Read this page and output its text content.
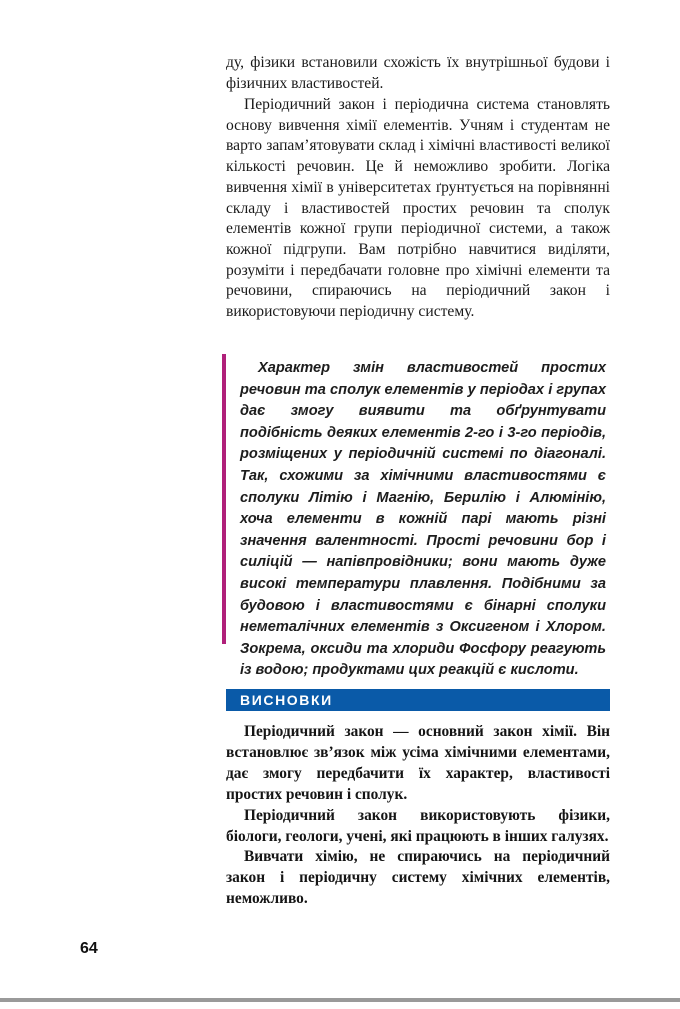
ду, фізики встановили схожість їх внутрішньої будови і фізичних властивостей.

Періодичний закон і періодична система становлять основу вивчення хімії елементів. Учням і студентам не варто запам’ятовувати склад і хімічні властивості великої кількості речовин. Це й неможливо зробити. Логіка вивчення хімії в університетах ґрунтується на порівнянні складу і властивостей простих речовин та сполук елементів кожної групи періодичної системи, а також кожної підгрупи. Вам потрібно навчитися виділяти, розуміти і передбачати головне про хімічні елементи та речовини, спираючись на періодичний закон і використовуючи періодичну систему.

Характер змін властивостей простих речовин та сполук елементів у періодах і групах дає змогу виявити та обґрунтувати подібність деяких елементів 2-го і 3-го періодів, розміщених у періодичній системі по діагоналі. Так, схожими за хімічними властивостями є сполуки Літію і Магнію, Берилію і Алюмінію, хоча елементи в кожній парі мають різні значення валентності. Прості речовини бор і силіцій — напівпровідники; вони мають дуже високі температури плавлення. Подібними за будовою і властивостями є бінарні сполуки неметалічних елементів з Оксигеном і Хлором. Зокрема, оксиди та хлориди Фосфору реагують із водою; продуктами цих реакцій є кислоти.

ВИСНОВКИ

Періодичний закон — основний закон хімії. Він встановлює зв’язок між усіма хімічними елементами, дає змогу передбачити їх характер, властивості простих речовин і сполук.

Періодичний закон використовують фізики, біологи, геологи, учені, які працюють в інших галузях.

Вивчати хімію, не спираючись на періодичний закон і періодичну систему хімічних елементів, неможливо.

64
